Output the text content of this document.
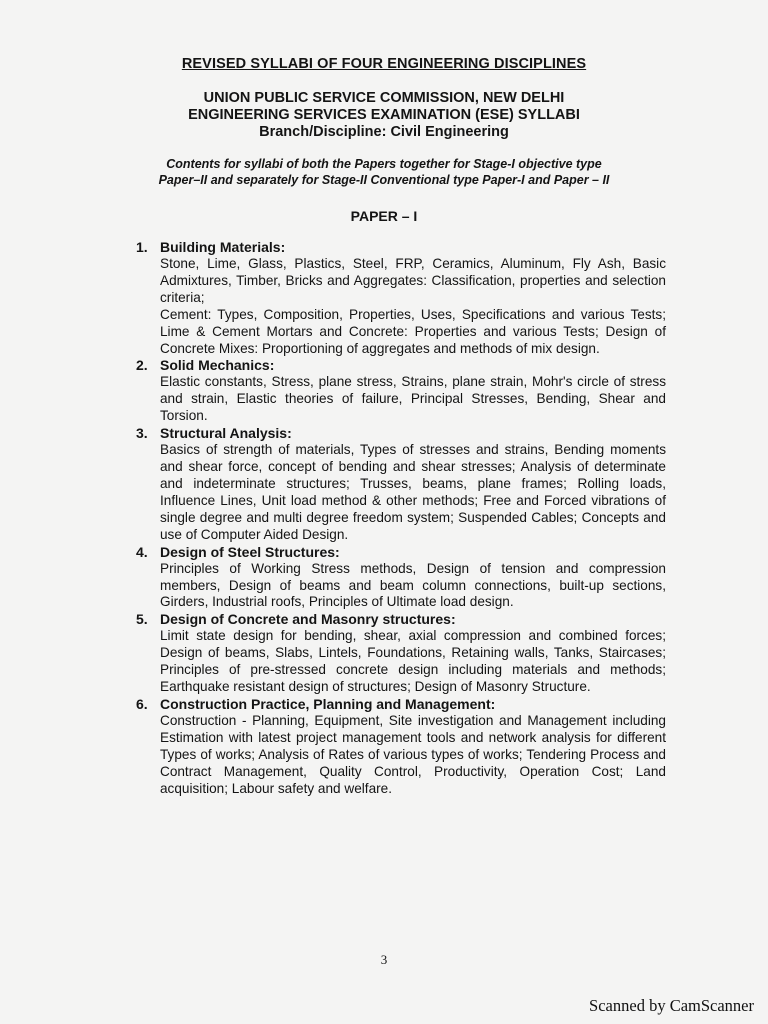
REVISED SYLLABI OF FOUR ENGINEERING DISCIPLINES
UNION PUBLIC SERVICE COMMISSION, NEW DELHI
ENGINEERING SERVICES EXAMINATION (ESE) SYLLABI
Branch/Discipline: Civil Engineering
Contents for syllabi of both the Papers together for Stage-I objective type
Paper–II and separately for Stage-II Conventional type Paper-I and Paper – II
PAPER – I
1. Building Materials:

Stone, Lime, Glass, Plastics, Steel, FRP, Ceramics, Aluminum, Fly Ash, Basic Admixtures, Timber, Bricks and Aggregates: Classification, properties and selection criteria;

Cement: Types, Composition, Properties, Uses, Specifications and various Tests; Lime & Cement Mortars and Concrete: Properties and various Tests; Design of Concrete Mixes: Proportioning of aggregates and methods of mix design.

2. Solid Mechanics:

Elastic constants, Stress, plane stress, Strains, plane strain, Mohr's circle of stress and strain, Elastic theories of failure, Principal Stresses, Bending, Shear and Torsion.

3. Structural Analysis:

Basics of strength of materials, Types of stresses and strains, Bending moments and shear force, concept of bending and shear stresses; Analysis of determinate and indeterminate structures; Trusses, beams, plane frames; Rolling loads, Influence Lines, Unit load method & other methods; Free and Forced vibrations of single degree and multi degree freedom system; Suspended Cables; Concepts and use of Computer Aided Design.

4. Design of Steel Structures:

Principles of Working Stress methods, Design of tension and compression members, Design of beams and beam column connections, built-up sections, Girders, Industrial roofs, Principles of Ultimate load design.

5. Design of Concrete and Masonry structures:

Limit state design for bending, shear, axial compression and combined forces; Design of beams, Slabs, Lintels, Foundations, Retaining walls, Tanks, Staircases; Principles of pre-stressed concrete design including materials and methods; Earthquake resistant design of structures; Design of Masonry Structure.

6. Construction Practice, Planning and Management:

Construction - Planning, Equipment, Site investigation and Management including Estimation with latest project management tools and network analysis for different Types of works; Analysis of Rates of various types of works; Tendering Process and Contract Management, Quality Control, Productivity, Operation Cost; Land acquisition; Labour safety and welfare.

3
Scanned by CamScanner
